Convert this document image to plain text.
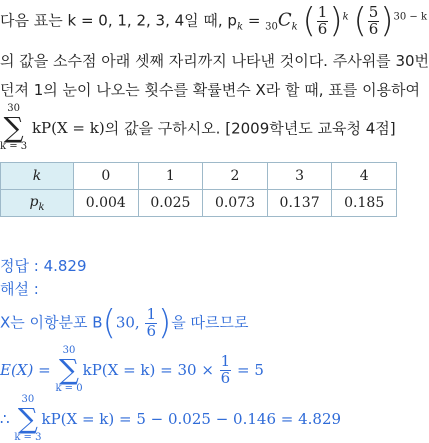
다음 표는 k = 0, 1, 2, 3, 4일 때, $p_k = _{30}C_k$ ( $\frac{1}{6} )^k$ ( $\frac{5}{6} )^{30 - k}$
의 값을 소수점 아래 셋째 자리까지 나타낸 것이다. 주사위를 30번
던져 1의 눈이 나오는 횟수를 확률변수 X라 할 때, 표를 이용하여
30
∑
k = 3
kP(X = k)의 값을 구하시오. [2009학년도 교육청 4점]
k	0	1	2	3	4
$p_k$	0.004	0.025	0.073	0.137	0.185
정답 : 4.829
해설 :
X는 이항분포 B(30, $\frac{1}{6}$ )을 따르므로
E(X) =
30
∑
k = 0
$kP(X = k) = 30 \times \frac{1}{6} = 5$
∴
30
∑
k = 3
kP(X = k) = 5 − 0.025 − 0.146 = 4.829
